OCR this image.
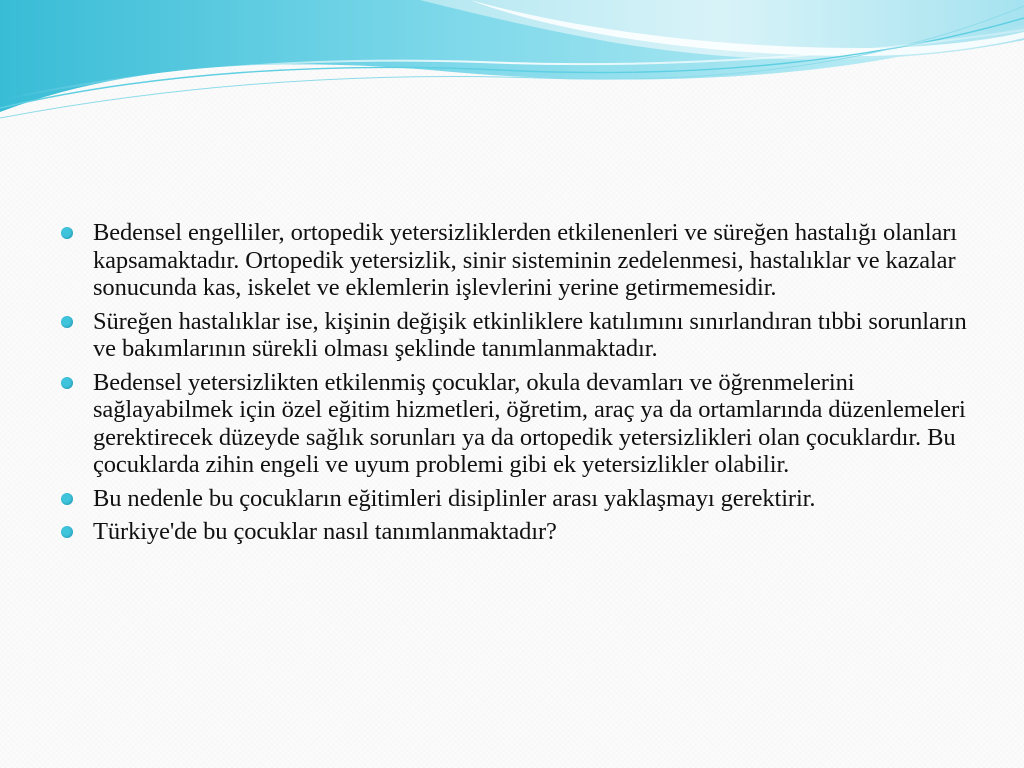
Bedensel engelliler, ortopedik yetersizliklerden etkilenenleri ve süreğen hastalığı olanları kapsamaktadır. Ortopedik yetersizlik, sinir sisteminin zedelenmesi, hastalıklar ve kazalar sonucunda kas, iskelet ve eklemlerin işlevlerini yerine getirmemesidir.
Süreğen hastalıklar ise, kişinin değişik etkinliklere katılımını sınırlandıran tıbbi sorunların ve bakımlarının sürekli olması şeklinde tanımlanmaktadır.
Bedensel yetersizlikten etkilenmiş çocuklar, okula devamları ve öğrenmelerini sağlayabilmek için özel eğitim hizmetleri, öğretim, araç ya da ortamlarında düzenlemeleri gerektirecek düzeyde sağlık sorunları ya da ortopedik yetersizlikleri olan çocuklardır. Bu çocuklarda zihin engeli ve uyum problemi gibi ek yetersizlikler olabilir.
Bu nedenle bu çocukların eğitimleri disiplinler arası yaklaşmayı gerektirir.
Türkiye'de bu çocuklar nasıl tanımlanmaktadır?
